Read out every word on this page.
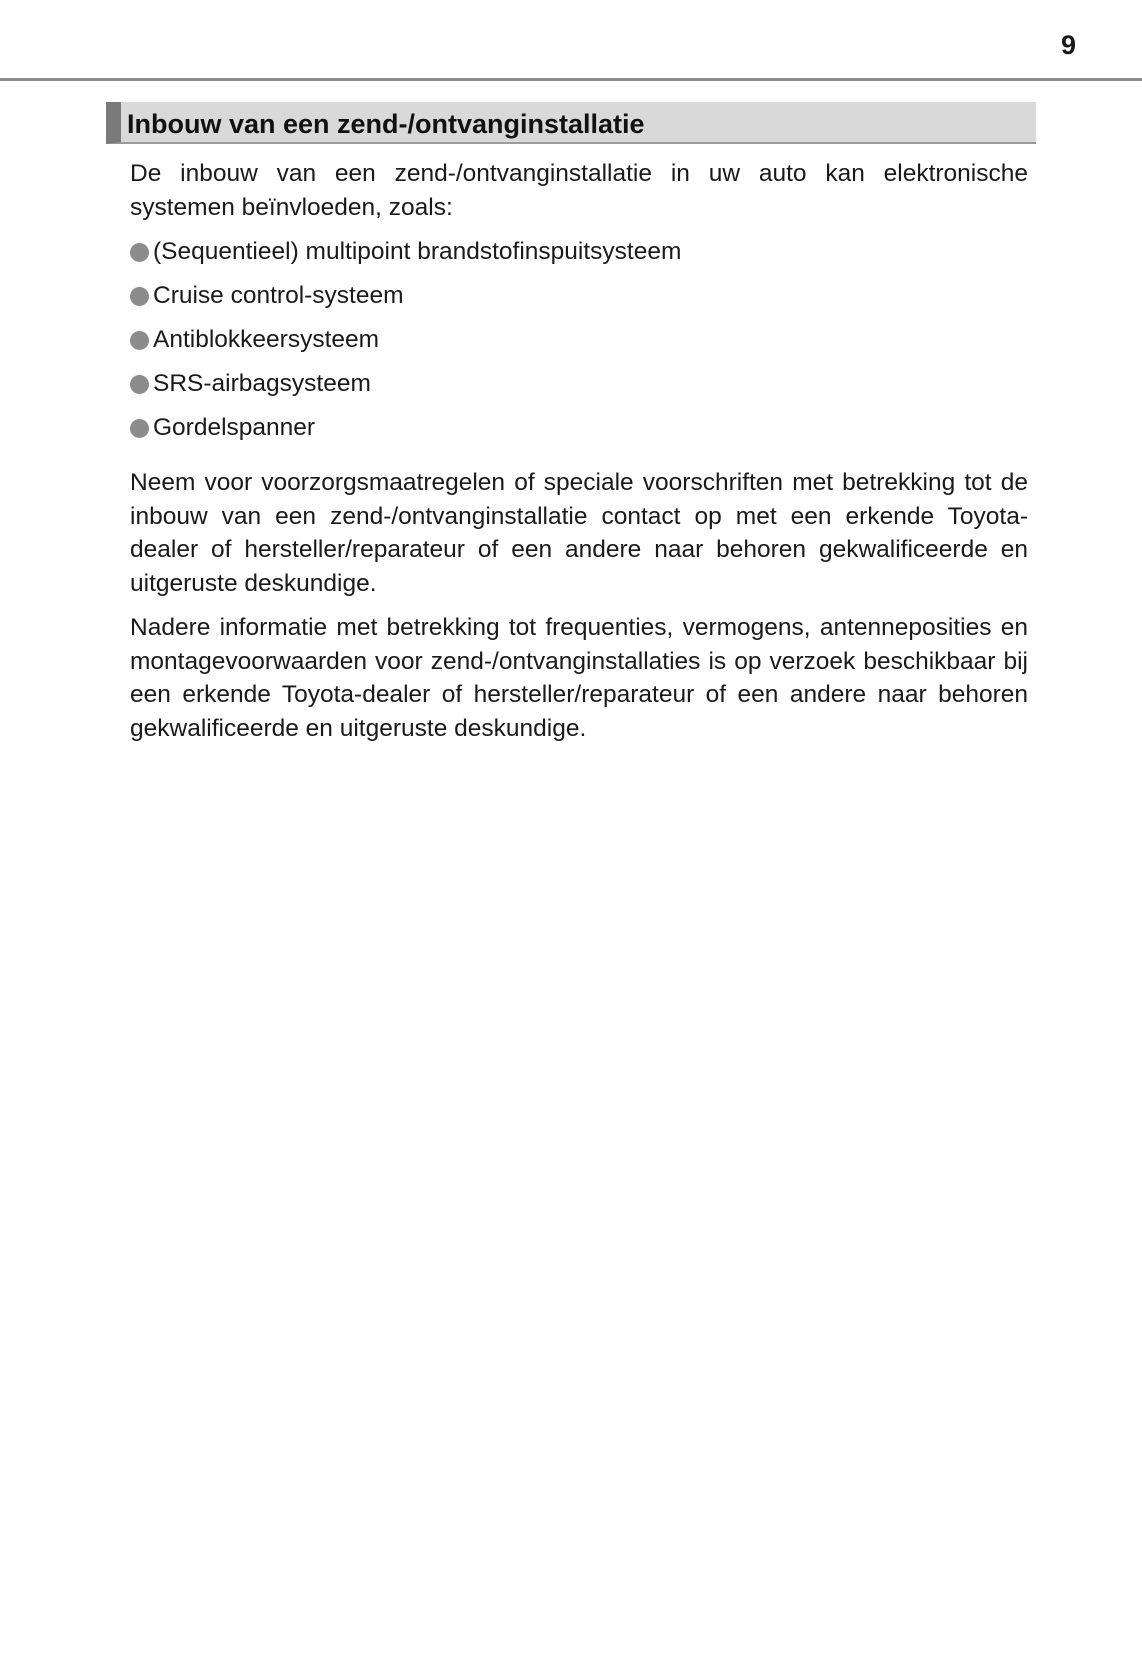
9
Inbouw van een zend-/ontvanginstallatie

De inbouw van een zend-/ontvanginstallatie in uw auto kan elektronische systemen beïnvloeden, zoals:

(Sequentieel) multipoint brandstofinspuitsysteem
Cruise control-systeem
Antiblokkeersysteem
SRS-airbagsysteem
Gordelspanner

Neem voor voorzorgsmaatregelen of speciale voorschriften met betrekking tot de inbouw van een zend-/ontvanginstallatie contact op met een erkende Toyota-dealer of hersteller/reparateur of een andere naar behoren gekwalificeerde en uitgeruste deskundige.

Nadere informatie met betrekking tot frequenties, vermogens, antenneposities en montagevoorwaarden voor zend-/ontvanginstallaties is op verzoek beschikbaar bij een erkende Toyota-dealer of hersteller/reparateur of een andere naar behoren gekwalificeerde en uitgeruste deskundige.
